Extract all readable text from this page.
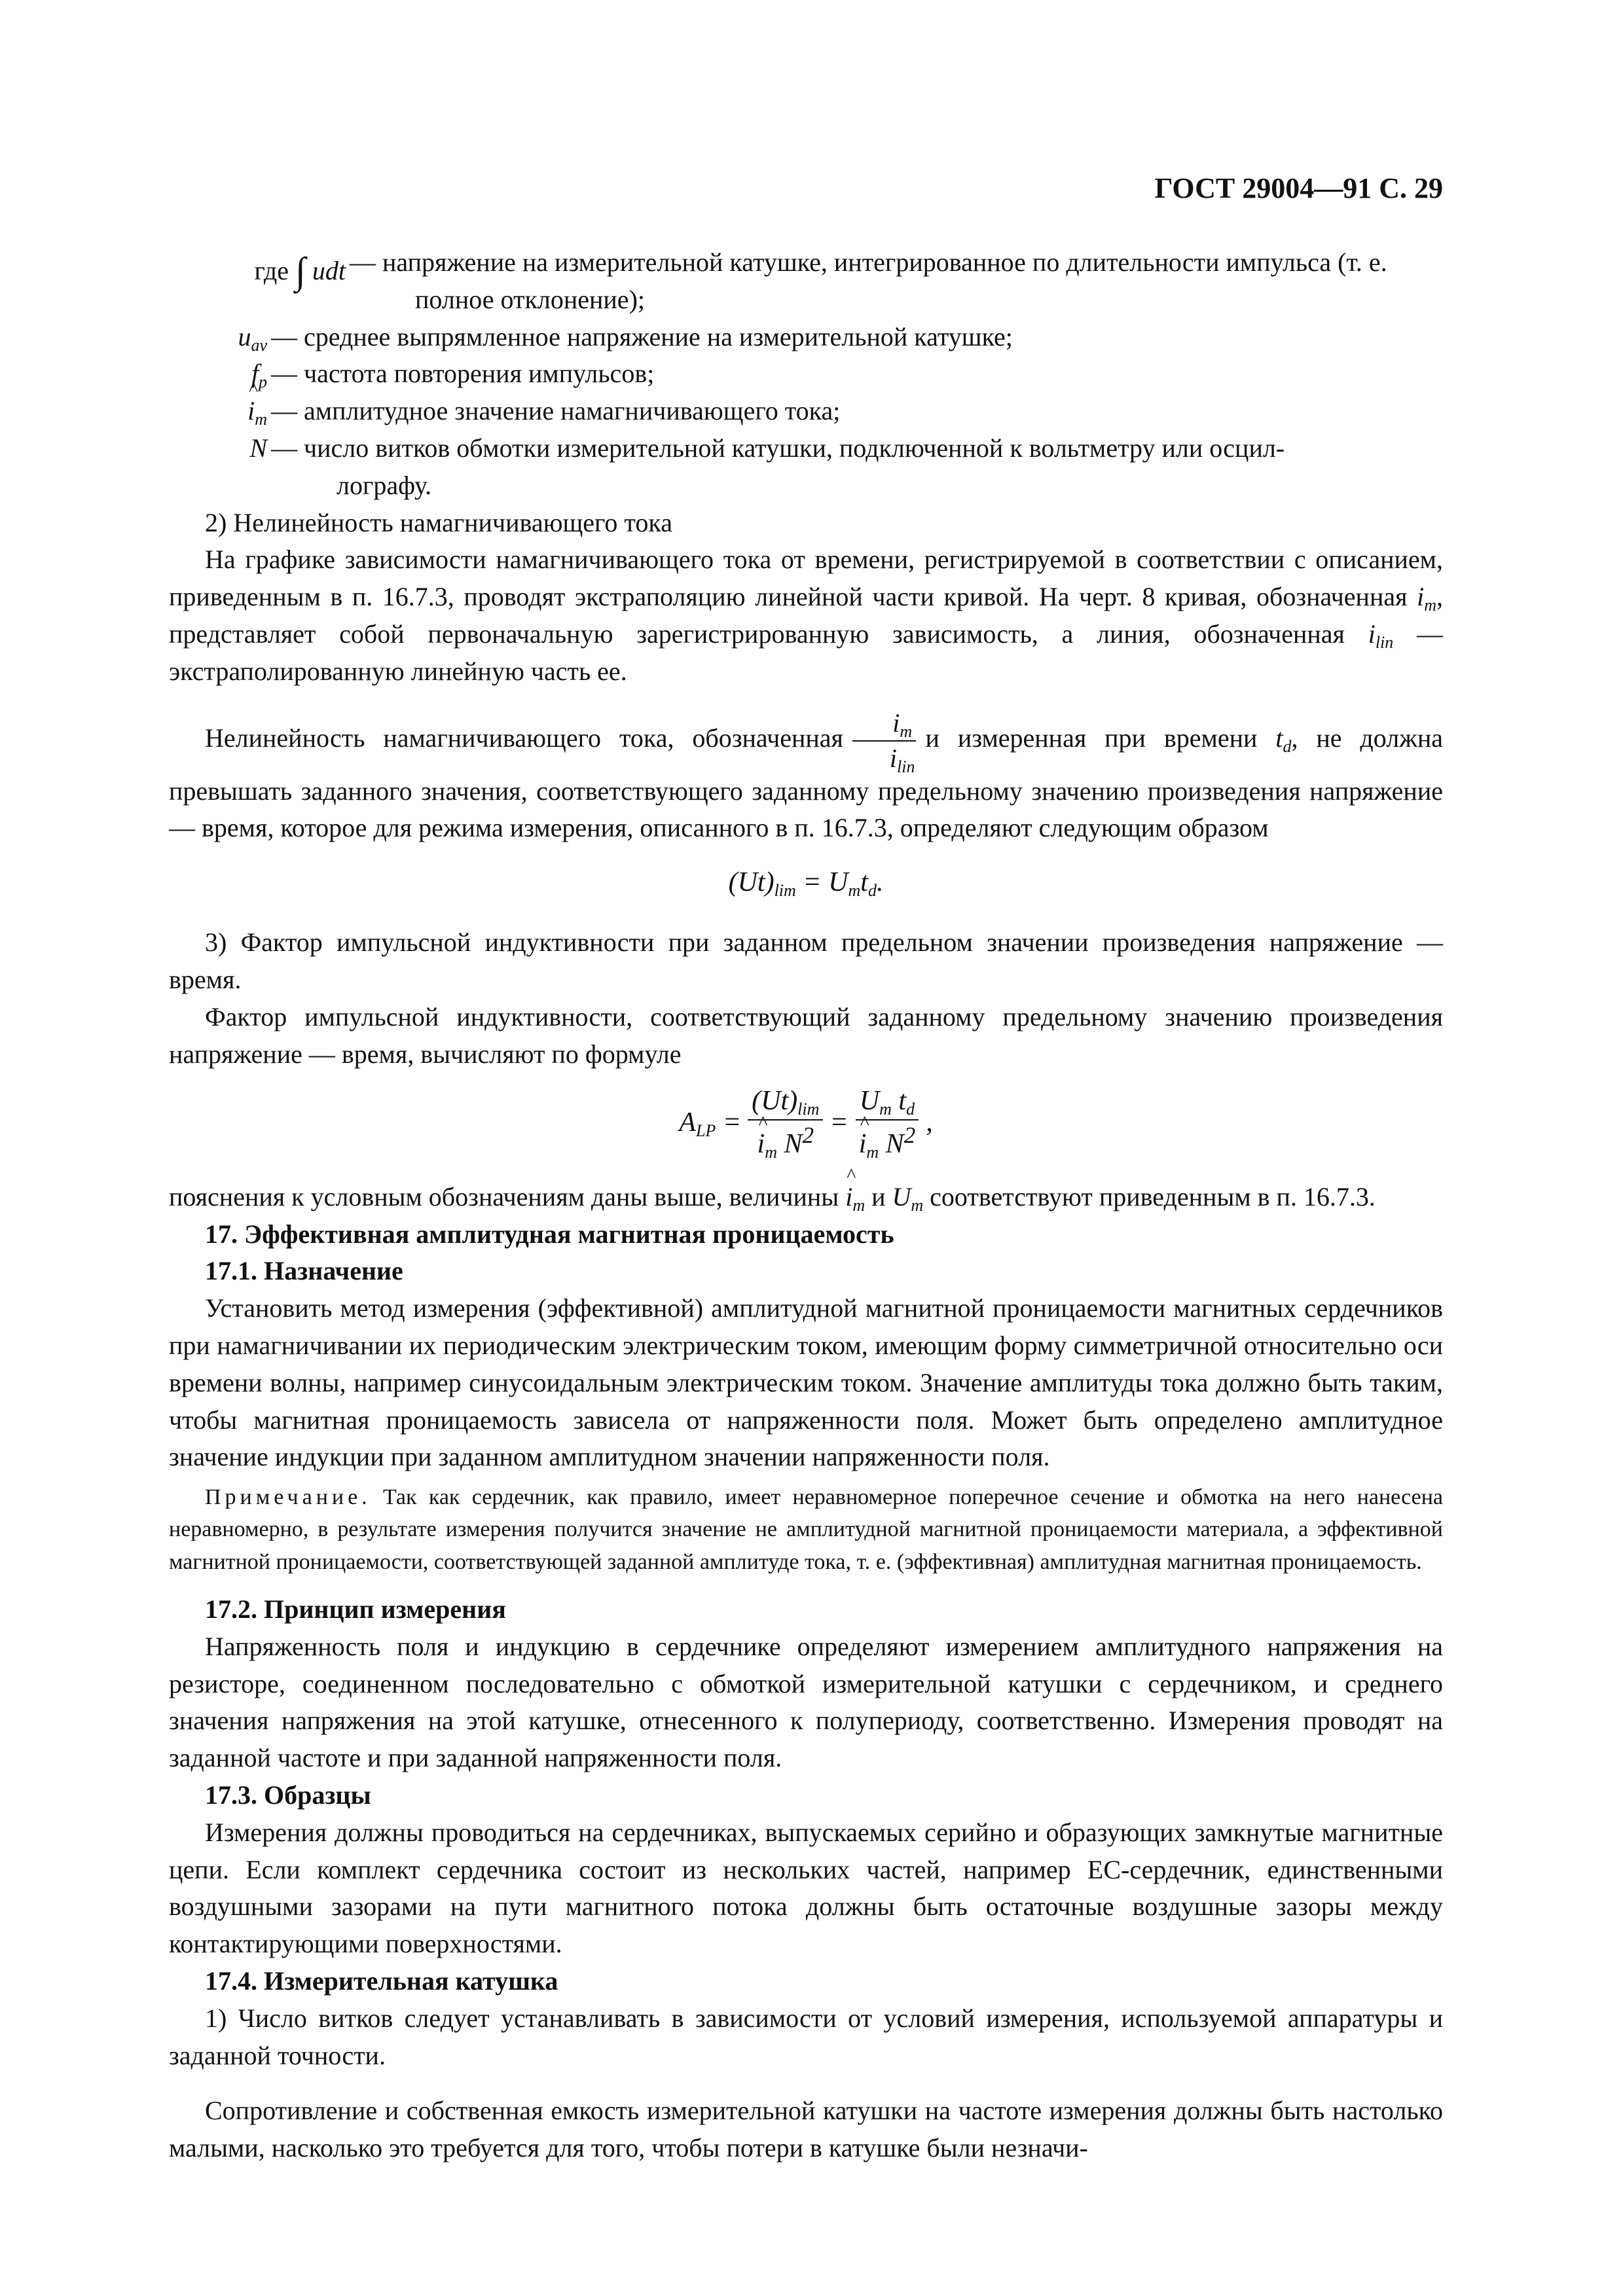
ГОСТ 29004—91 С. 29
где ∫ udt — напряжение на измерительной катушке, интегрированное по длительности импульса (т. е.
полное отклонение);
$u_{av}$ — среднее выпрямленное напряжение на измерительной катушке;
$f_p$ — частота повторения импульсов;
^ $i_m$ — амплитудное значение намагничивающего тока;
N — число витков обмотки измерительной катушки, подключенной к вольтметру или осцил-
лографу.

2) Нелинейность намагничивающего тока

На графике зависимости намагничивающего тока от времени, регистрируемой в соответствии с описанием, приведенным в п. 16.7.3, проводят экстраполяцию линейной части кривой. На черт. 8 кривая, обозначенная $i_m$, представляет собой первоначальную зарегистрированную зависимость, а линия, обозначенная $i_{lin}$ — экстраполированную линейную часть ее.

Нелинейность намагничивающего тока, обозначенная $\frac{i_m}{i_{lin}}$ и измеренная при времени $t_d$, не должна превышать заданного значения, соответствующего заданному предельному значению произведения напряжение — время, которое для режима измерения, описанного в п. 16.7.3, определяют следующим образом

$(Ut)_{lim} = U_mt_d$.

3) Фактор импульсной индуктивности при заданном предельном значении произведения напряжение — время.

Фактор импульсной индуктивности, соответствующий заданному предельному значению произведения напряжение — время, вычисляют по формуле

$A_{LP} = (Ut)_{lim}$
^ $i_m$ $N^2 = U_m$ $t_d$
^ $i_m$ $N^2$ ,

пояснения к условным обозначениям даны выше, величины ^ $i_m$ и $U_m$ соответствуют приведенным в п. 16.7.3.

17. Эффективная амплитудная магнитная проницаемость

17.1. Назначение

Установить метод измерения (эффективной) амплитудной магнитной проницаемости магнитных сердечников при намагничивании их периодическим электрическим током, имеющим форму симметричной относительно оси времени волны, например синусоидальным электрическим током. Значение амплитуды тока должно быть таким, чтобы магнитная проницаемость зависела от напряженности поля. Может быть определено амплитудное значение индукции при заданном амплитудном значении напряженности поля.

Примечание. Так как сердечник, как правило, имеет неравномерное поперечное сечение и обмотка на него нанесена неравномерно, в результате измерения получится значение не амплитудной магнитной проницаемости материала, а эффективной магнитной проницаемости, соответствующей заданной амплитуде тока, т. е. (эффективная) амплитудная магнитная проницаемость.

17.2. Принцип измерения

Напряженность поля и индукцию в сердечнике определяют измерением амплитудного напряжения на резисторе, соединенном последовательно с обмоткой измерительной катушки с сердечником, и среднего значения напряжения на этой катушке, отнесенного к полупериоду, соответственно. Измерения проводят на заданной частоте и при заданной напряженности поля.

17.3. Образцы

Измерения должны проводиться на сердечниках, выпускаемых серийно и образующих замкнутые магнитные цепи. Если комплект сердечника состоит из нескольких частей, например ЕС-сердечник, единственными воздушными зазорами на пути магнитного потока должны быть остаточные воздушные зазоры между контактирующими поверхностями.

17.4. Измерительная катушка

1) Число витков следует устанавливать в зависимости от условий измерения, используемой аппаратуры и заданной точности.

Сопротивление и собственная емкость измерительной катушки на частоте измерения должны быть настолько малыми, насколько это требуется для того, чтобы потери в катушке были незначи-
